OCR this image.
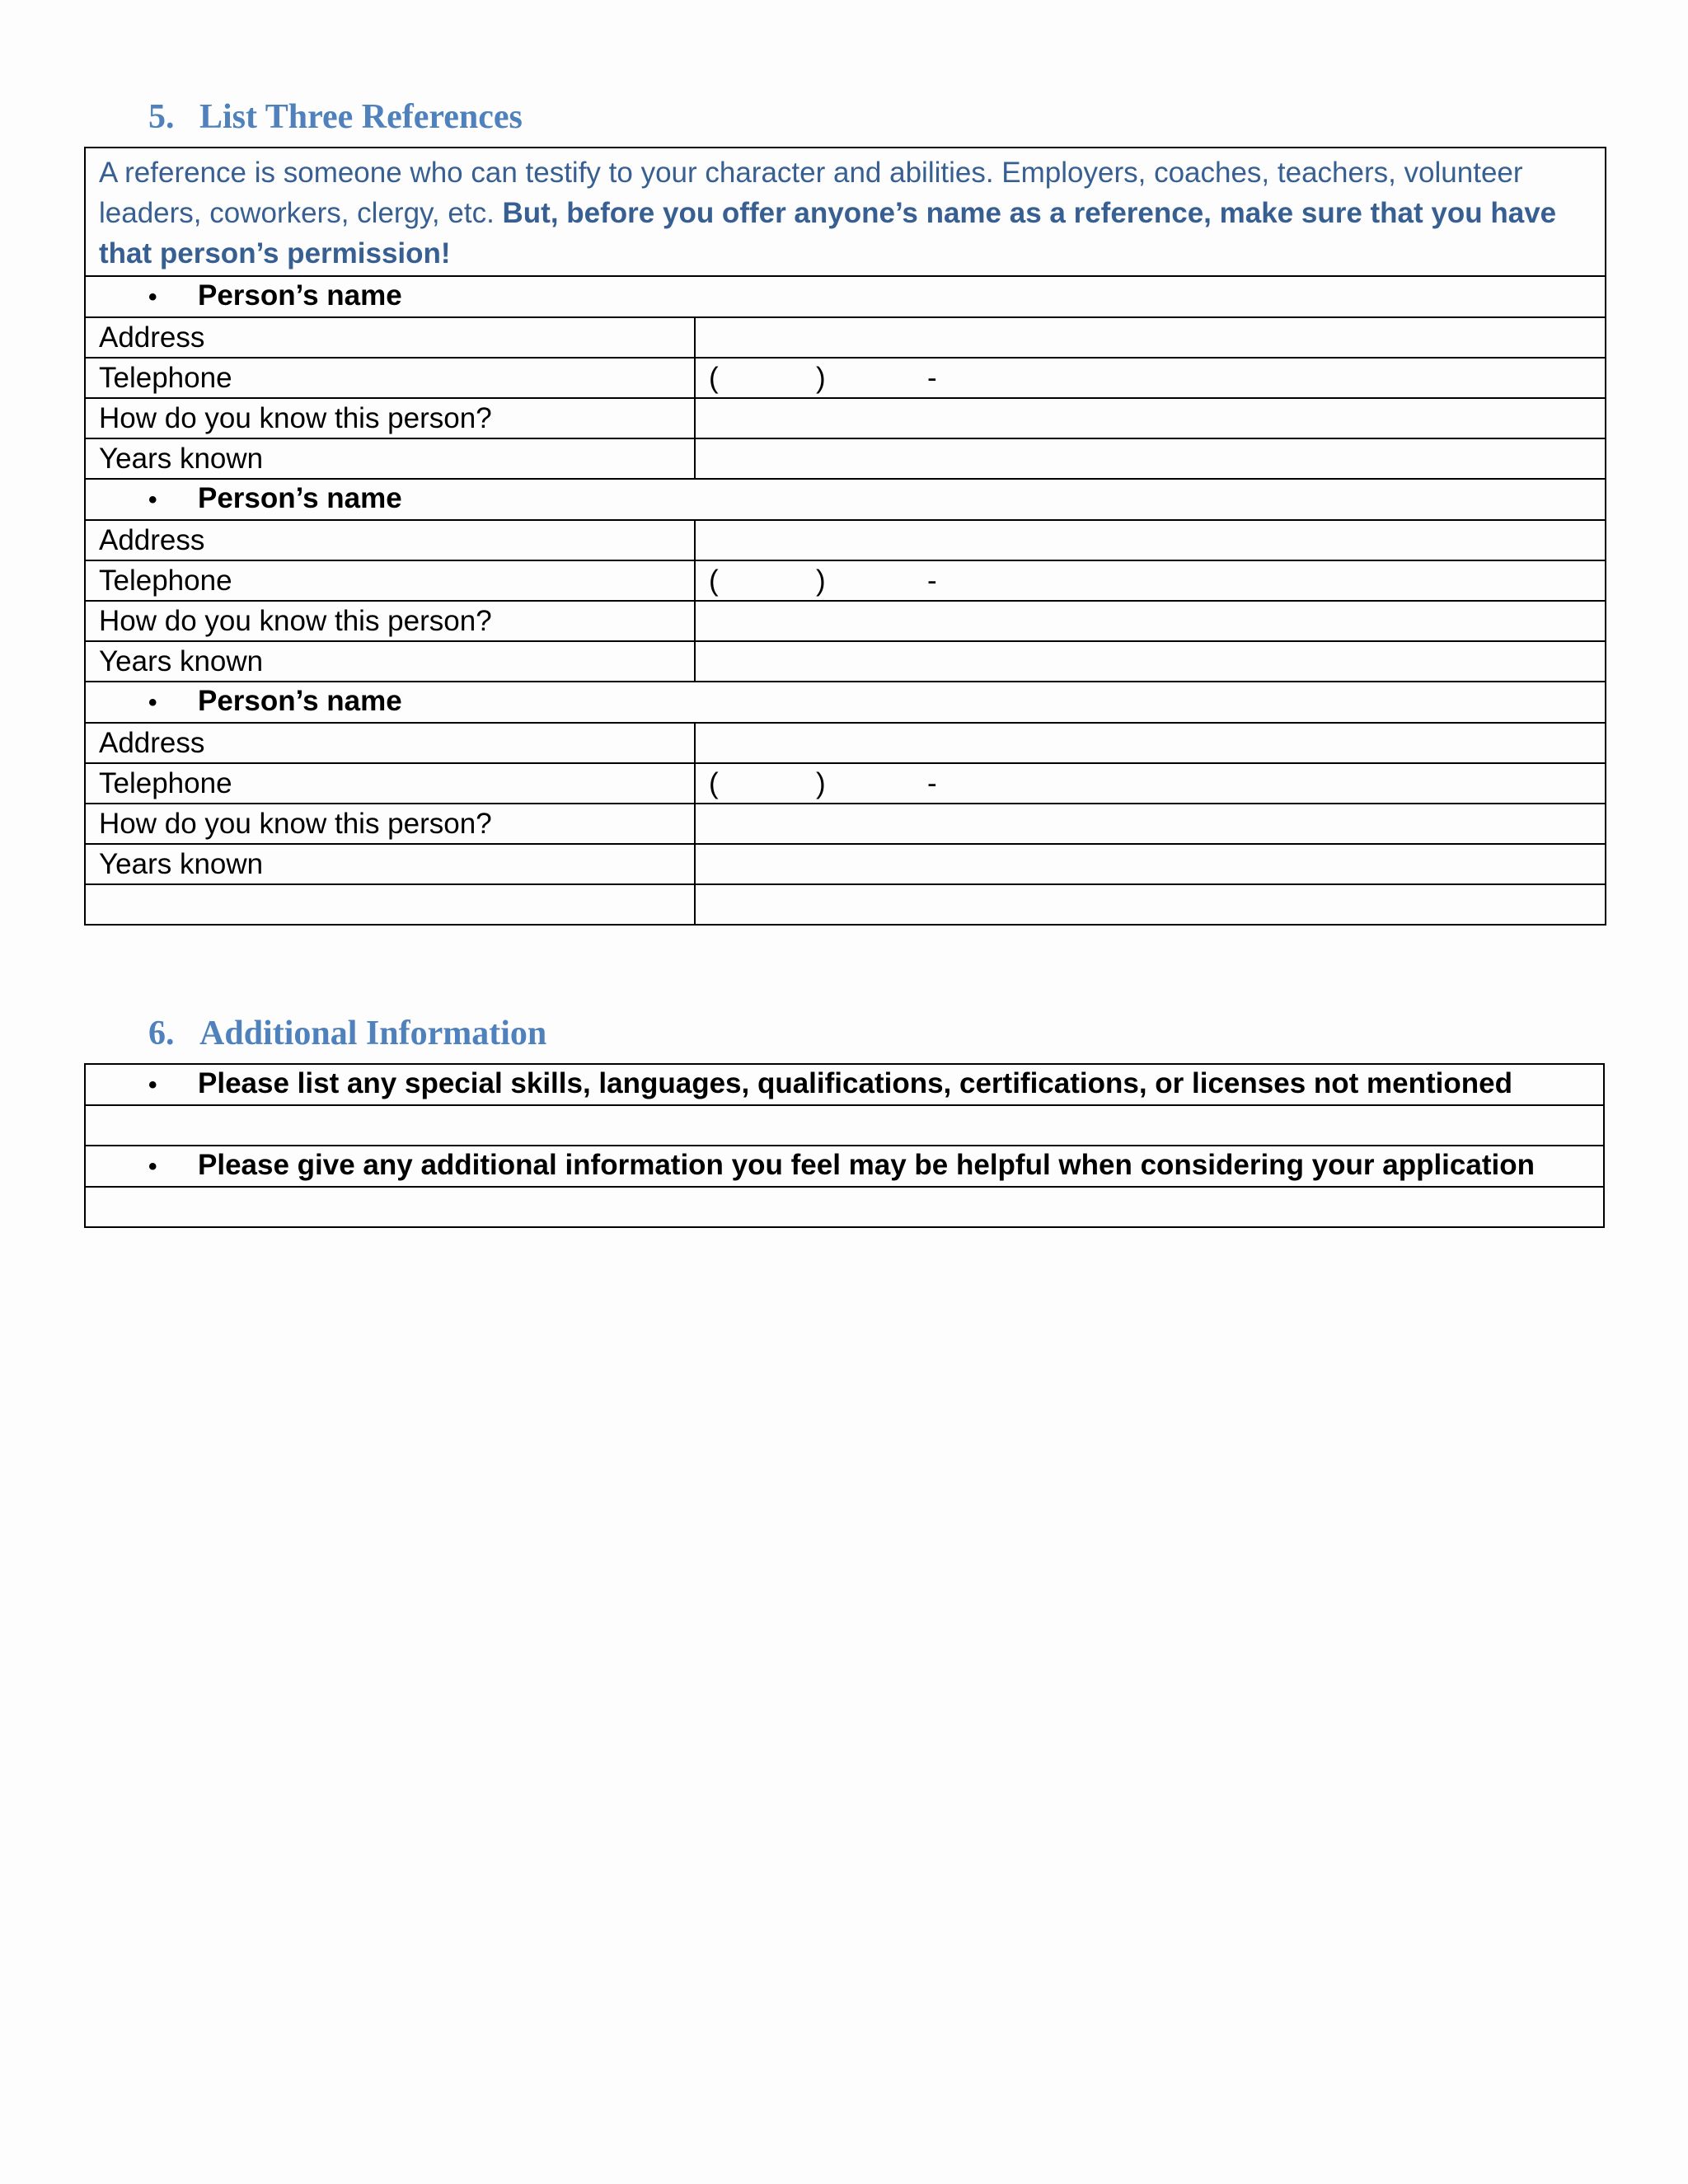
5. List Three References
A reference is someone who can testify to your character and abilities. Employers, coaches, teachers, volunteer leaders, coworkers, clergy, etc. But, before you offer anyone’s name as a reference, make sure that you have that person’s permission!	
• Person’s name	
Address	
Telephone	( ) -
How do you know this person?	
Years known	
• Person’s name	
Address	
Telephone	( ) -
How do you know this person?	
Years known	
• Person’s name	
Address	
Telephone	( ) -
How do you know this person?	
Years known	

6. Additional Information
• Please list any special skills, languages, qualifications, certifications, or licenses not mentioned

• Please give any additional information you feel may be helpful when considering your application
